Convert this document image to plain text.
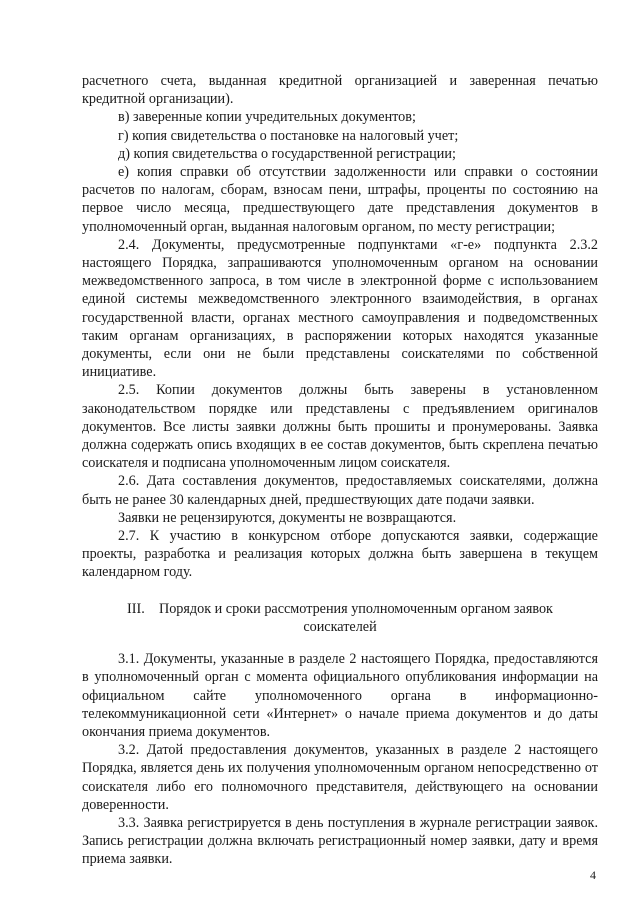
расчетного счета, выданная кредитной организацией и заверенная печатью кредитной организации).

в) заверенные копии учредительных документов;

г) копия свидетельства о постановке на налоговый учет;

д) копия свидетельства о государственной регистрации;

е) копия справки об отсутствии задолженности или справки о состоянии расчетов по налогам, сборам, взносам пени, штрафы, проценты по состоянию на первое число месяца, предшествующего дате представления документов в уполномоченный орган, выданная налоговым органом, по месту регистрации;

2.4. Документы, предусмотренные подпунктами «г-е» подпункта 2.3.2 настоящего Порядка, запрашиваются уполномоченным органом на основании межведомственного запроса, в том числе в электронной форме с использованием единой системы межведомственного электронного взаимодействия, в органах государственной власти, органах местного самоуправления и подведомственных таким органам организациях, в распоряжении которых находятся указанные документы, если они не были представлены соискателями по собственной инициативе.

2.5. Копии документов должны быть заверены в установленном законодательством порядке или представлены с предъявлением оригиналов документов. Все листы заявки должны быть прошиты и пронумерованы. Заявка должна содержать опись входящих в ее состав документов, быть скреплена печатью соискателя и подписана уполномоченным лицом соискателя.

2.6. Дата составления документов, предоставляемых соискателями, должна быть не ранее 30 календарных дней, предшествующих дате подачи заявки.

Заявки не рецензируются, документы не возвращаются.

2.7. К участию в конкурсном отборе допускаются заявки, содержащие проекты, разработка и реализация которых должна быть завершена в текущем календарном году.

III.    Порядок и сроки рассмотрения уполномоченным органом заявок соискателей

3.1. Документы, указанные в разделе 2 настоящего Порядка, предоставляются в уполномоченный орган с момента официального опубликования информации на официальном сайте уполномоченного органа в информационно-телекоммуникационной сети «Интернет» о начале приема документов и до даты окончания приема документов.

3.2. Датой предоставления документов, указанных в разделе 2 настоящего Порядка, является день их получения уполномоченным органом непосредственно от соискателя либо его полномочного представителя, действующего на основании доверенности.

3.3. Заявка регистрируется в день поступления в журнале регистрации заявок. Запись регистрации должна включать регистрационный номер заявки, дату и время приема заявки.

4
